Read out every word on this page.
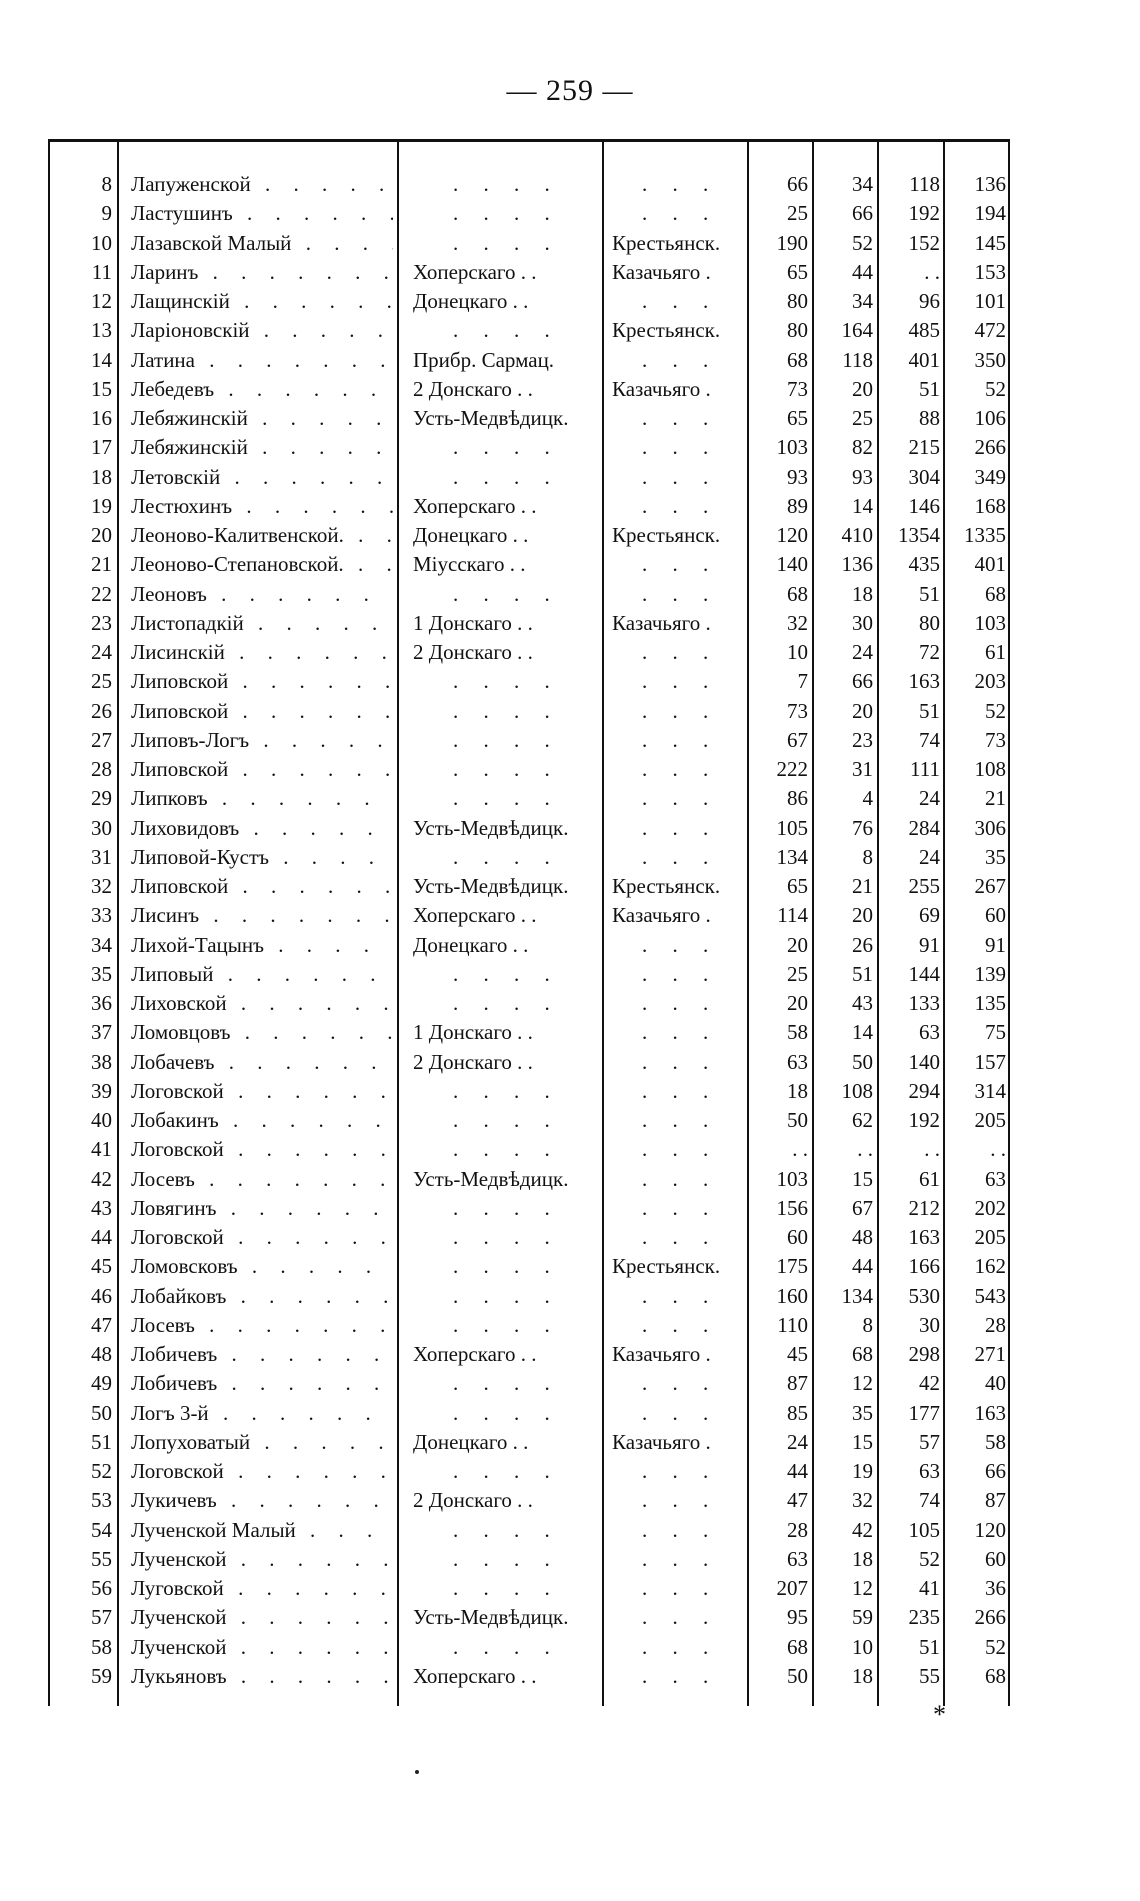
— 259 —
8 Лапуженской . . .	. . . .	. . .	66	34	118	136
9 Ластушинъ . . .	. . . .	. . .	25	66	192	194
10 Лазавской Малый . . .	. . . .	Крестьянск.	190	52	152	145
11 Ларинъ . . .	Хоперскаго . .	Казачьяго .	65	44	. .	153
12 Лащинскій . . .	Донецкаго . .	. . .	80	34	96	101
13 Ларіоновскій . . .	. . . .	Крестьянск.	80	164	485	472
14 Латина . . .	Прибр. Сармац.	. . .	68	118	401	350
15 Лебедевъ . . .	2 Донскаго . .	Казачьяго .	73	20	51	52
16 Лебяжинскій . . .	Усть-Медвѣдицк.	. . .	65	25	88	106
17 Лебяжинскій . . .	. . . .	. . .	103	82	215	266
18 Летовскій . . .	. . . .	. . .	93	93	304	349
19 Лестюхинъ . . .	Хоперскаго . .	. . .	89	14	146	168
20 Леоново-Калитвенской. . . .	Донецкаго . .	Крестьянск.	120	410	1354	1335
21 Леоново-Степановской. . . .	Міусскаго . .	. . .	140	136	435	401
22 Леоновъ . . .	. . . .	. . .	68	18	51	68
23 Листопадкій . . .	1 Донскаго . .	Казачьяго .	32	30	80	103
24 Лисинскій . . .	2 Донскаго . .	. . .	10	24	72	61
25 Липовской . . .	. . . .	. . .	7	66	163	203
26 Липовской . . .	. . . .	. . .	73	20	51	52
27 Липовъ-Логъ . . .	. . . .	. . .	67	23	74	73
28 Липовской . . .	. . . .	. . .	222	31	111	108
29 Липковъ . . .	. . . .	. . .	86	4	24	21
30 Лиховидовъ . . .	Усть-Медвѣдицк.	. . .	105	76	284	306
31 Липовой-Кустъ . . .	. . . .	. . .	134	8	24	35
32 Липовской . . .	Усть-Медвѣдицк.	Крестьянск.	65	21	255	267
33 Лисинъ . . .	Хоперскаго . .	Казачьяго .	114	20	69	60
34 Лихой-Тацынъ . . .	Донецкаго . .	. . .	20	26	91	91
35 Липовый . . .	. . . .	. . .	25	51	144	139
36 Лиховской . . .	. . . .	. . .	20	43	133	135
37 Ломовцовъ . . .	1 Донскаго . .	. . .	58	14	63	75
38 Лобачевъ . . .	2 Донскаго . .	. . .	63	50	140	157
39 Логовской . . .	. . . .	. . .	18	108	294	314
40 Лобакинъ . . .	. . . .	. . .	50	62	192	205
41 Логовской . . .	. . . .	. . .	. .	. .	. .	. .
42 Лосевъ . . .	Усть-Медвѣдицк.	. . .	103	15	61	63
43 Ловягинъ . . .	. . . .	. . .	156	67	212	202
44 Логовской . . .	. . . .	. . .	60	48	163	205
45 Ломовсковъ . . .	. . . .	Крестьянск.	175	44	166	162
46 Лобайковъ . . .	. . . .	. . .	160	134	530	543
47 Лосевъ . . .	. . . .	. . .	110	8	30	28
48 Лобичевъ . . .	Хоперскаго . .	Казачьяго .	45	68	298	271
49 Лобичевъ . . .	. . . .	. . .	87	12	42	40
50 Логъ 3-й . . .	. . . .	. . .	85	35	177	163
51 Лопуховатый . . .	Донецкаго . .	Казачьяго .	24	15	57	58
52 Логовской . . .	. . . .	. . .	44	19	63	66
53 Лукичевъ . . .	2 Донскаго . .	. . .	47	32	74	87
54 Лученской Малый . . .	. . . .	. . .	28	42	105	120
55 Лученской . . .	. . . .	. . .	63	18	52	60
56 Луговской . . .	. . . .	. . .	207	12	41	36
57 Лученской . . .	Усть-Медвѣдицк.	. . .	95	59	235	266
58 Лученской . . .	. . . .	. . .	68	10	51	52
59 Лукьяновъ . . .	Хоперскаго . .	. . .	50	18	55	68
*
